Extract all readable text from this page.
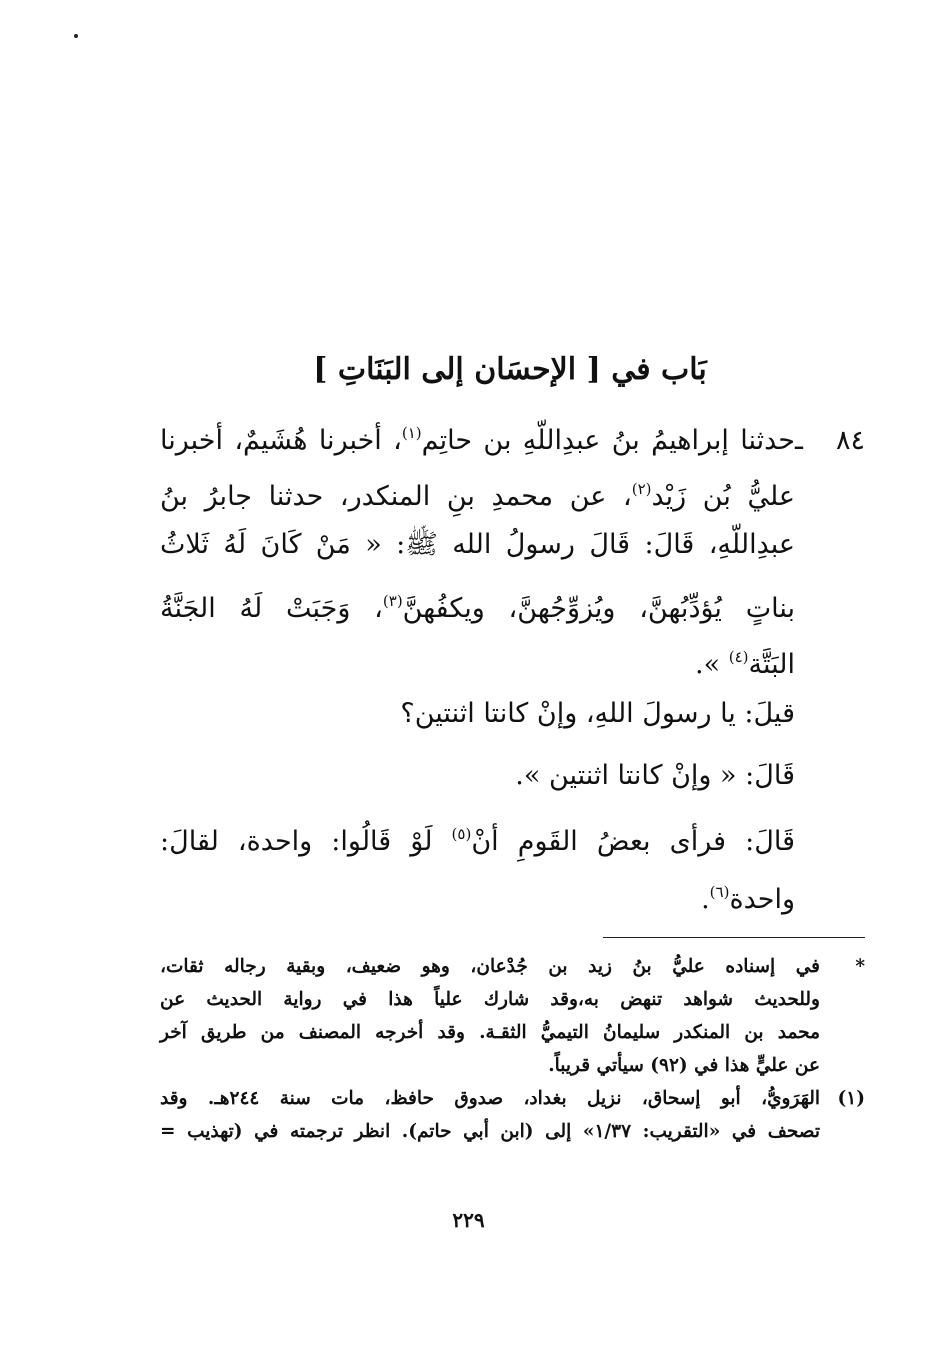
بَاب في [ الإحسَان إلى البَنَاتِ ]
٨٤ ـحدثنا إبراهيمُ بنُ عبدِاللّهِ بن حاتِم$^{(١)}$، أخبرنا هُشَيمٌ، أخبرنا
عليُّ بُن زَيْد$^{(٢)}$، عن محمدِ بنِ المنكدر، حدثنا جابرُ بنُ
عبدِاللّهِ، قَالَ: قَالَ رسولُ الله ﷺ: « مَنْ كَانَ لَهُ ثَلاثُ
بناتٍ يُؤدِّبُهنَّ، ويُزوِّجُهنَّ، ويكفُهنَّ$^{(٣)}$، وَجَبَتْ لَهُ الجَنَّةُ
البَتَّة$^{(٤)}$ ».
قيلَ: يا رسولَ اللهِ، وإنْ كانتا اثنتين؟
قَالَ: « وإنْ كانتا اثنتين ».
قَالَ: فرأى بعضُ القَومِ أنْ$^{(٥)}$ لَوْ قَالُوا: واحدة، لقالَ:
واحدة$^{(٦)}$.
*في إسناده عليُّ بنُ زيد بن جُدْعان، وهو ضعيف، وبقية رجاله ثقات،
وللحديث شواهد تنهض به،وقد شارك علياً هذا في رواية الحديث عن
محمد بن المنكدر سليمانُ التيميُّ الثقـة. وقد أخرجه المصنف من طريق آخر
عن عليٍّ هذا في (٩٢) سيأتي قريباً.
(١)الهَرَويُّ، أبو إسحاق، نزيل بغداد، صدوق حافظ، مات سنة ٢٤٤هـ. وقد
تصحف في «التقريب: ١/٣٧» إلى (ابن أبي حاتم). انظر ترجمته في (تهذيب =
٢٢٩
